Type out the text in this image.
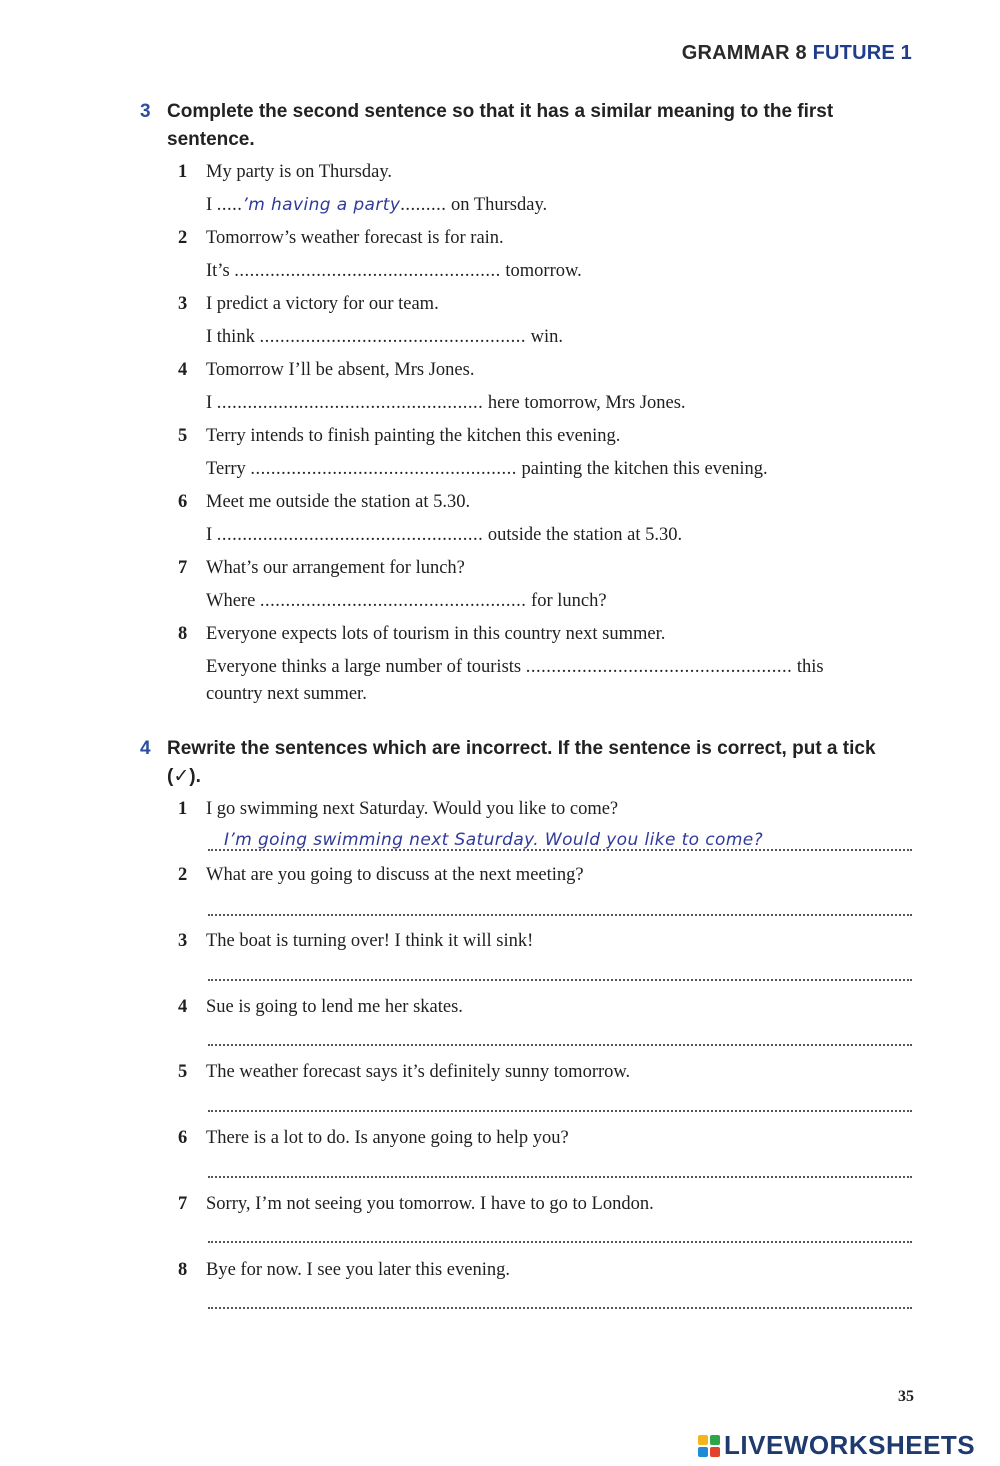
GRAMMAR 8 FUTURE 1
3 Complete the second sentence so that it has a similar meaning to the first sentence.
1 My party is on Thursday.
I .....’m having a party......... on Thursday.
2 Tomorrow’s weather forecast is for rain.
It’s .................................................... tomorrow.
3 I predict a victory for our team.
I think .................................................... win.
4 Tomorrow I’ll be absent, Mrs Jones.
I .................................................... here tomorrow, Mrs Jones.
5 Terry intends to finish painting the kitchen this evening.
Terry .................................................... painting the kitchen this evening.
6 Meet me outside the station at 5.30.
I .................................................... outside the station at 5.30.
7 What’s our arrangement for lunch?
Where .................................................... for lunch?
8 Everyone expects lots of tourism in this country next summer.
Everyone thinks a large number of tourists .................................................... this
country next summer.
4 Rewrite the sentences which are incorrect. If the sentence is correct, put a tick (✓).
1 I go swimming next Saturday. Would you like to come?
I’m going swimming next Saturday. Would you like to come?
2 What are you going to discuss at the next meeting?
3 The boat is turning over! I think it will sink!
4 Sue is going to lend me her skates.
5 The weather forecast says it’s definitely sunny tomorrow.
6 There is a lot to do. Is anyone going to help you?
7 Sorry, I’m not seeing you tomorrow. I have to go to London.
8 Bye for now. I see you later this evening.
35
LIVEWORKSHEETS
